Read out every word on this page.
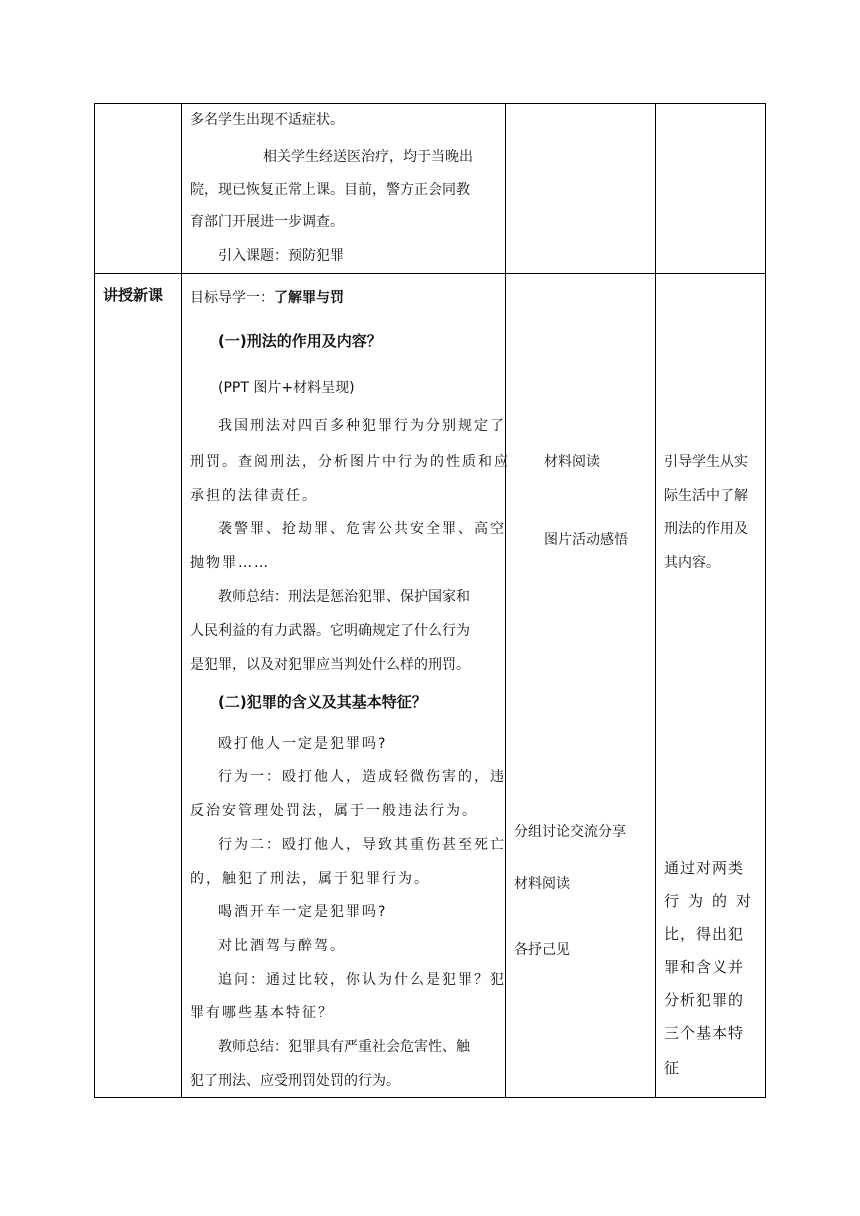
多名学生出现不适症状。
相关学生经送医治疗，均于当晚出
院，现已恢复正常上课。目前，警方正会同教
育部门开展进一步调查。
引入课题：预防犯罪
讲授新课 目标导学一：了解罪与罚
(一)刑法的作用及内容？
(PPT 图片+材料呈现)
我国刑法对四百多种犯罪行为分别规定了
刑罚。查阅刑法，分析图片中行为的性质和应
承担的法律责任。
袭警罪、抢劫罪、危害公共安全罪、高空
抛物罪……
教师总结：刑法是惩治犯罪、保护国家和
人民利益的有力武器。它明确规定了什么行为
是犯罪，以及对犯罪应当判处什么样的刑罚。
(二)犯罪的含义及其基本特征？
殴打他人一定是犯罪吗?
行为一：殴打他人，造成轻微伤害的，违
反治安管理处罚法，属于一般违法行为。
行为二：殴打他人，导致其重伤甚至死亡
的，触犯了刑法，属于犯罪行为。
喝酒开车一定是犯罪吗?
对比酒驾与醉驾。
追问：通过比较，你认为什么是犯罪？犯
罪有哪些基本特征？
教师总结：犯罪具有严重社会危害性、触
犯了刑法、应受刑罚处罚的行为。
材料阅读
图片活动感悟
分组讨论交流分享
材料阅读
各抒己见
引导学生从实
际生活中了解
刑法的作用及
其内容。
通过对两类
行为的对
比，得出犯
罪和含义并
分析犯罪的
三个基本特
征
